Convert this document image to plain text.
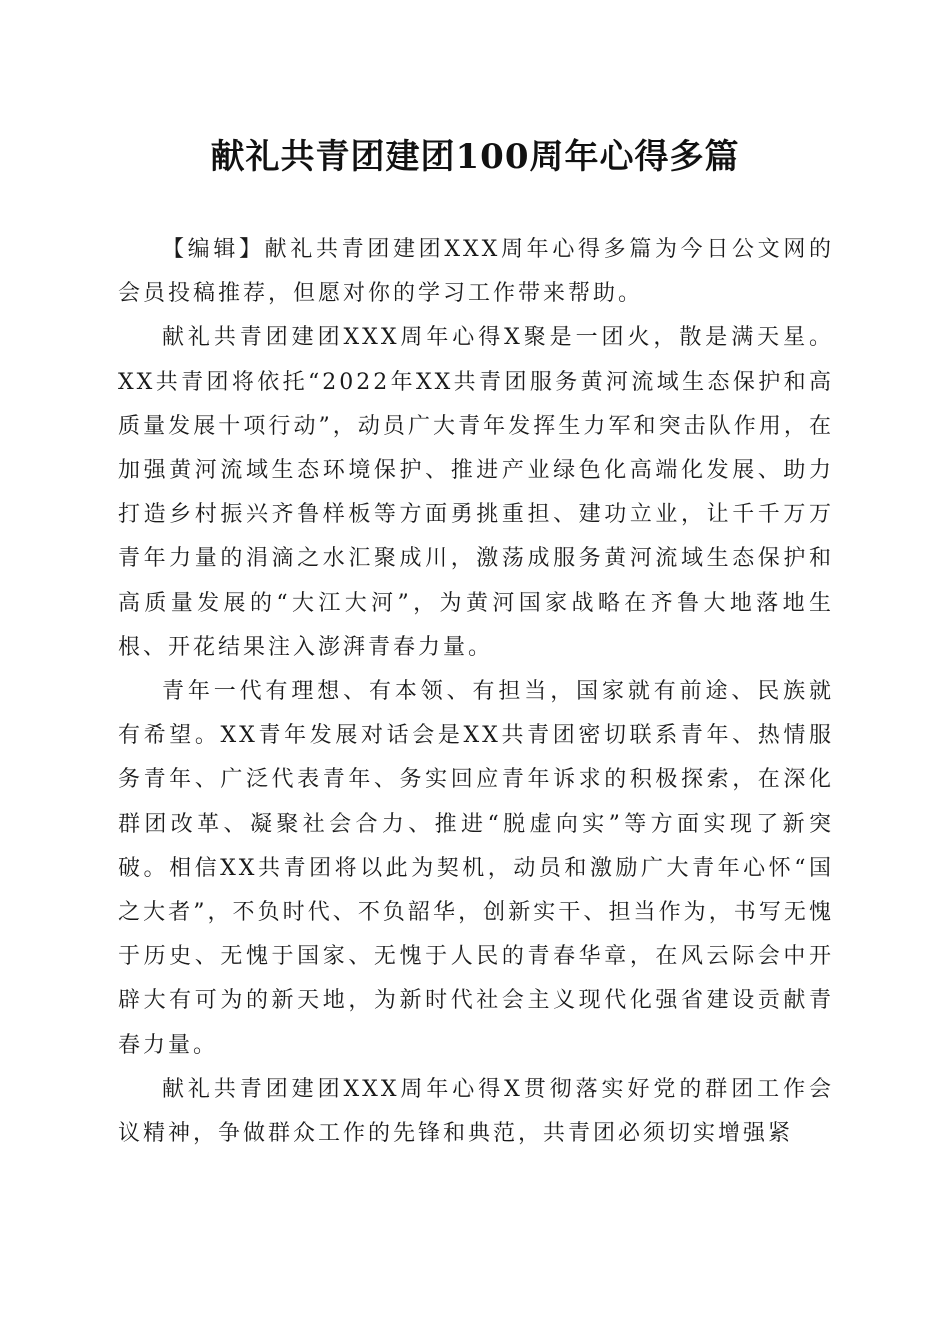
献礼共青团建团100周年心得多篇

【编辑】献礼共青团建团XXX周年心得多篇为今日公文网的会员投稿推荐，但愿对你的学习工作带来帮助。

献礼共青团建团XXX周年心得X聚是一团火，散是满天星。XX共青团将依托“2022年XX共青团服务黄河流域生态保护和高质量发展十项行动”，动员广大青年发挥生力军和突击队作用，在加强黄河流域生态环境保护、推进产业绿色化高端化发展、助力打造乡村振兴齐鲁样板等方面勇挑重担、建功立业，让千千万万青年力量的涓滴之水汇聚成川，激荡成服务黄河流域生态保护和高质量发展的“大江大河”，为黄河国家战略在齐鲁大地落地生根、开花结果注入澎湃青春力量。

青年一代有理想、有本领、有担当，国家就有前途、民族就有希望。XX青年发展对话会是XX共青团密切联系青年、热情服务青年、广泛代表青年、务实回应青年诉求的积极探索，在深化群团改革、凝聚社会合力、推进“脱虚向实”等方面实现了新突破。相信XX共青团将以此为契机，动员和激励广大青年心怀“国之大者”，不负时代、不负韶华，创新实干、担当作为，书写无愧于历史、无愧于国家、无愧于人民的青春华章，在风云际会中开辟大有可为的新天地，为新时代社会主义现代化强省建设贡献青春力量。

献礼共青团建团XXX周年心得X贯彻落实好党的群团工作会议精神，争做群众工作的先锋和典范，共青团必须切实增强紧
